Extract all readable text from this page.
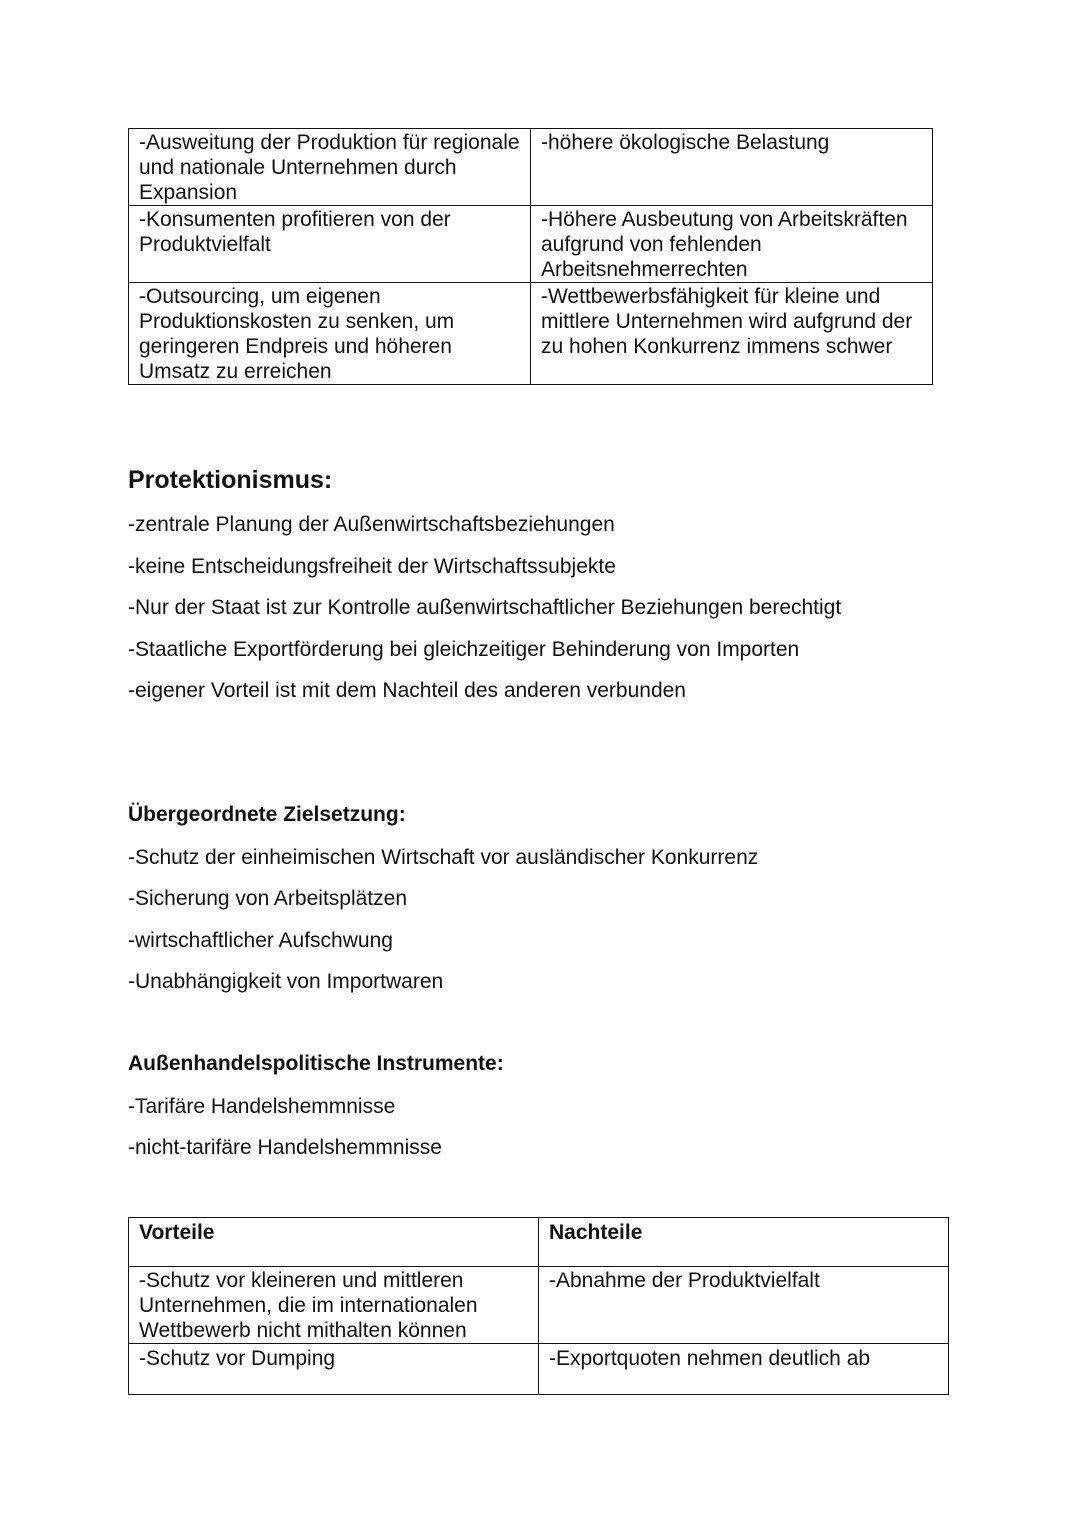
-Ausweitung der Produktion für regionale und nationale Unternehmen durch Expansion	-höhere ökologische Belastung
-Konsumenten profitieren von der Produktvielfalt	-Höhere Ausbeutung von Arbeitskräften aufgrund von fehlenden Arbeitsnehmerrechten
-Outsourcing, um eigenen Produktionskosten zu senken, um geringeren Endpreis und höheren Umsatz zu erreichen	-Wettbewerbsfähigkeit für kleine und mittlere Unternehmen wird aufgrund der zu hohen Konkurrenz immens schwer
Protektionismus:

-zentrale Planung der Außenwirtschaftsbeziehungen

-keine Entscheidungsfreiheit der Wirtschaftssubjekte

-Nur der Staat ist zur Kontrolle außenwirtschaftlicher Beziehungen berechtigt

-Staatliche Exportförderung bei gleichzeitiger Behinderung von Importen

-eigener Vorteil ist mit dem Nachteil des anderen verbunden

Übergeordnete Zielsetzung:

-Schutz der einheimischen Wirtschaft vor ausländischer Konkurrenz

-Sicherung von Arbeitsplätzen

-wirtschaftlicher Aufschwung

-Unabhängigkeit von Importwaren

Außenhandelspolitische Instrumente:

-Tarifäre Handelshemmnisse

-nicht-tarifäre Handelshemmnisse

Vorteile	Nachteile
-Schutz vor kleineren und mittleren Unternehmen, die im internationalen Wettbewerb nicht mithalten können	-Abnahme der Produktvielfalt
-Schutz vor Dumping	-Exportquoten nehmen deutlich ab
